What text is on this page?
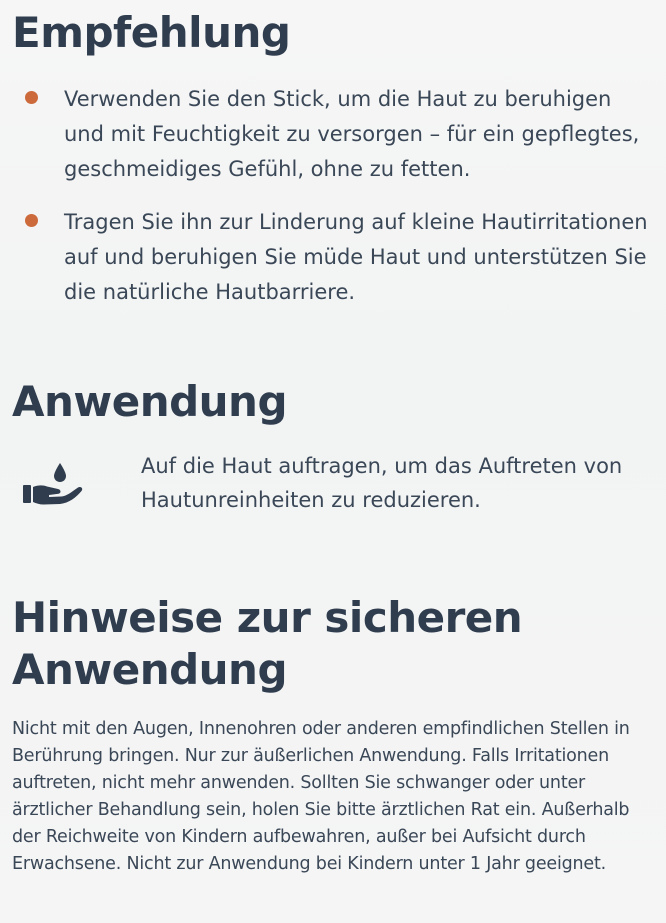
Empfehlung
Verwenden Sie den Stick, um die Haut zu beruhigen und mit Feuchtigkeit zu versorgen – für ein gepflegtes, geschmeidiges Gefühl, ohne zu fetten.
Tragen Sie ihn zur Linderung auf kleine Hautirritationen auf und beruhigen Sie müde Haut und unterstützen Sie die natürliche Hautbarriere.
Anwendung
Auf die Haut auftragen, um das Auftreten von Hautunreinheiten zu reduzieren.
Hinweise zur sicheren Anwendung
Nicht mit den Augen, Innenohren oder anderen empfindlichen Stellen in Berührung bringen. Nur zur äußerlichen Anwendung. Falls Irritationen auftreten, nicht mehr anwenden. Sollten Sie schwanger oder unter ärztlicher Behandlung sein, holen Sie bitte ärztlichen Rat ein. Außerhalb der Reichweite von Kindern aufbewahren, außer bei Aufsicht durch Erwachsene. Nicht zur Anwendung bei Kindern unter 1 Jahr geeignet.
